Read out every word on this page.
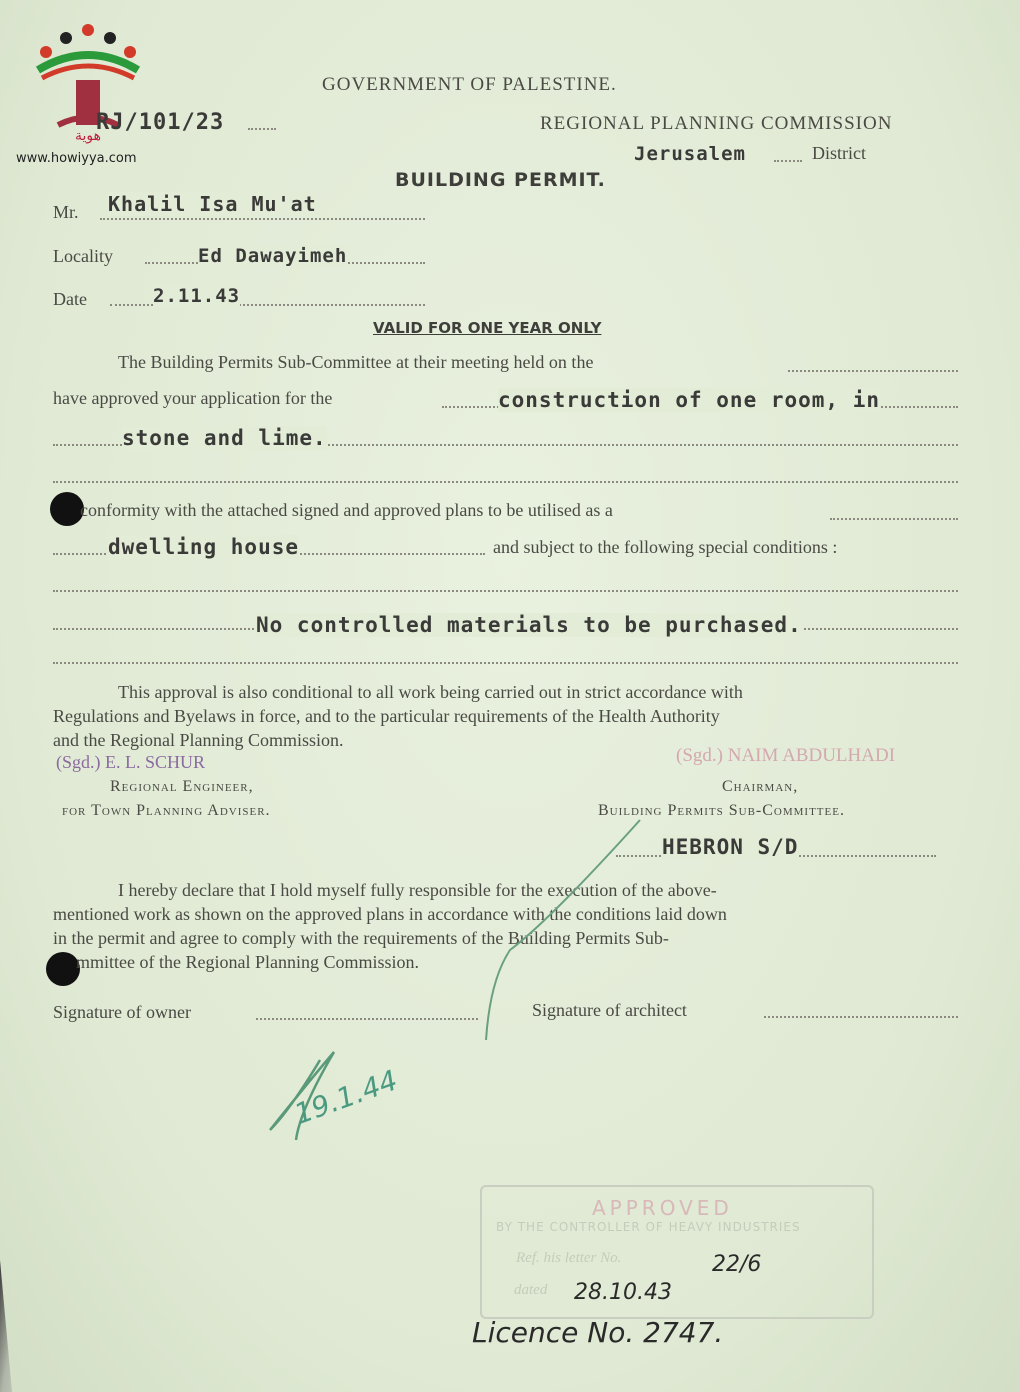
هوية
www.howiyya.com
GOVERNMENT OF PALESTINE.
RJ/101/23	REGIONAL PLANNING COMMISSION
Jerusalem	District
BUILDING PERMIT.
Mr. Khalil Isa Mu'at
Locality	Ed Dawayimeh
Date	2.11.43
VALID FOR ONE YEAR ONLY
The Building Permits Sub-Committee at their meeting held on the
have approved your application for the	construction of one room, in
stone and lime.
conformity with the attached signed and approved plans to be utilised as a
dwelling house	and subject to the following special conditions :
No controlled materials to be purchased.
This approval is also conditional to all work being carried out in strict accordance with
Regulations and Byelaws in force, and to the particular requirements of the Health Authority
and the Regional Planning Commission.
(Sgd.) E. L. SCHUR
Regional Engineer,
for Town Planning Adviser.
(Sgd.) NAIM ABDULHADI
Chairman,
Building Permits Sub-Committee.
HEBRON S/D
I hereby declare that I hold myself fully responsible for the execution of the above-
mentioned work as shown on the approved plans in accordance with the conditions laid down
in the permit and agree to comply with the requirements of the Building Permits Sub-
mmittee of the Regional Planning Commission.
Signature of owner	Signature of architect
19.1.44
APPROVED
BY THE CONTROLLER OF HEAVY INDUSTRIES
Ref. his letter No.	22/6
dated 28.10.43
Licence No. 2747.
